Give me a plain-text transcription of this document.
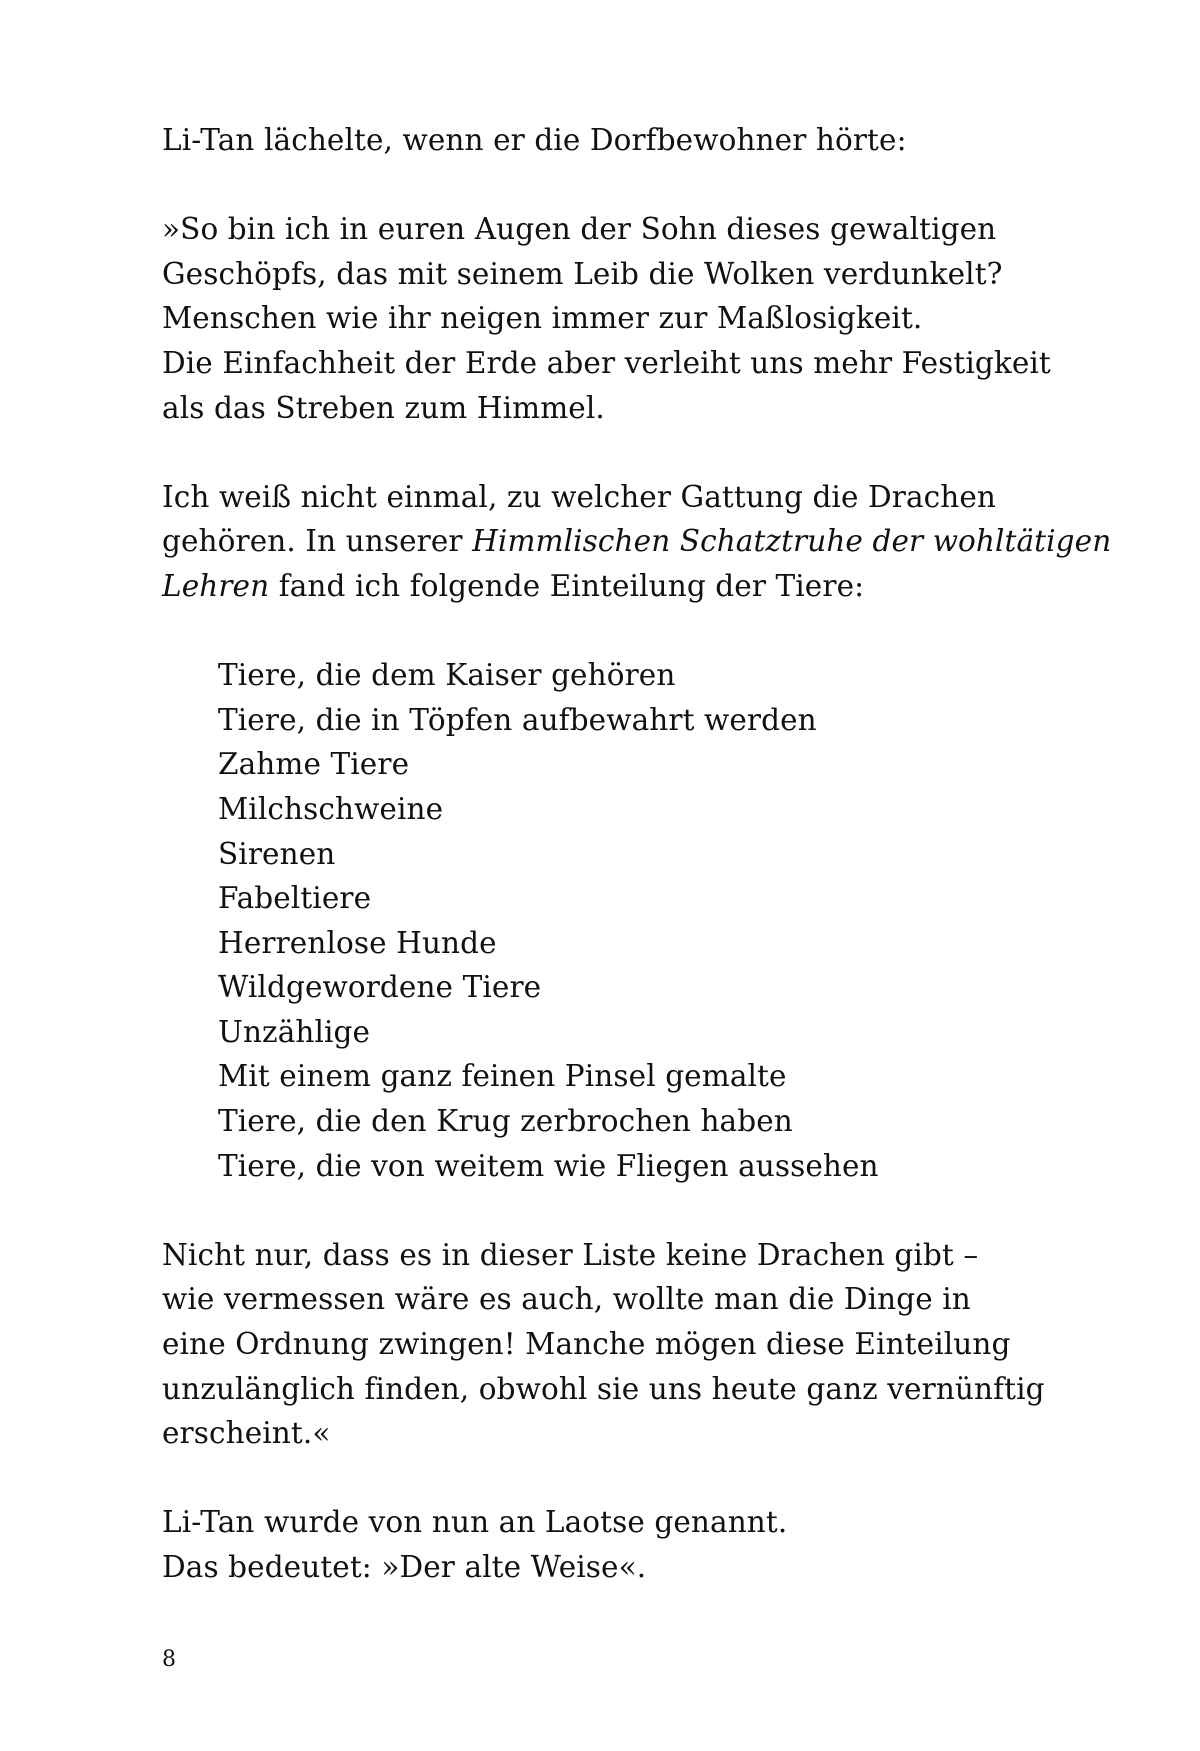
Li-Tan lächelte, wenn er die Dorfbewohner hörte:

»So bin ich in euren Augen der Sohn dieses gewaltigen
Geschöpfs, das mit seinem Leib die Wolken verdunkelt?
Menschen wie ihr neigen immer zur Maßlosigkeit.
Die Einfachheit der Erde aber verleiht uns mehr Festigkeit
als das Streben zum Himmel.

Ich weiß nicht einmal, zu welcher Gattung die Drachen
gehören. In unserer Himmlischen Schatztruhe der wohltätigen
Lehren fand ich folgende Einteilung der Tiere:

Tiere, die dem Kaiser gehören
Tiere, die in Töpfen aufbewahrt werden
Zahme Tiere
Milchschweine
Sirenen
Fabeltiere
Herrenlose Hunde
Wildgewordene Tiere
Unzählige
Mit einem ganz feinen Pinsel gemalte
Tiere, die den Krug zerbrochen haben
Tiere, die von weitem wie Fliegen aussehen

Nicht nur, dass es in dieser Liste keine Drachen gibt –
wie vermessen wäre es auch, wollte man die Dinge in
eine Ordnung zwingen! Manche mögen diese Einteilung
unzulänglich finden, obwohl sie uns heute ganz vernünftig
erscheint.«

Li-Tan wurde von nun an Laotse genannt.
Das bedeutet: »Der alte Weise«.

8
